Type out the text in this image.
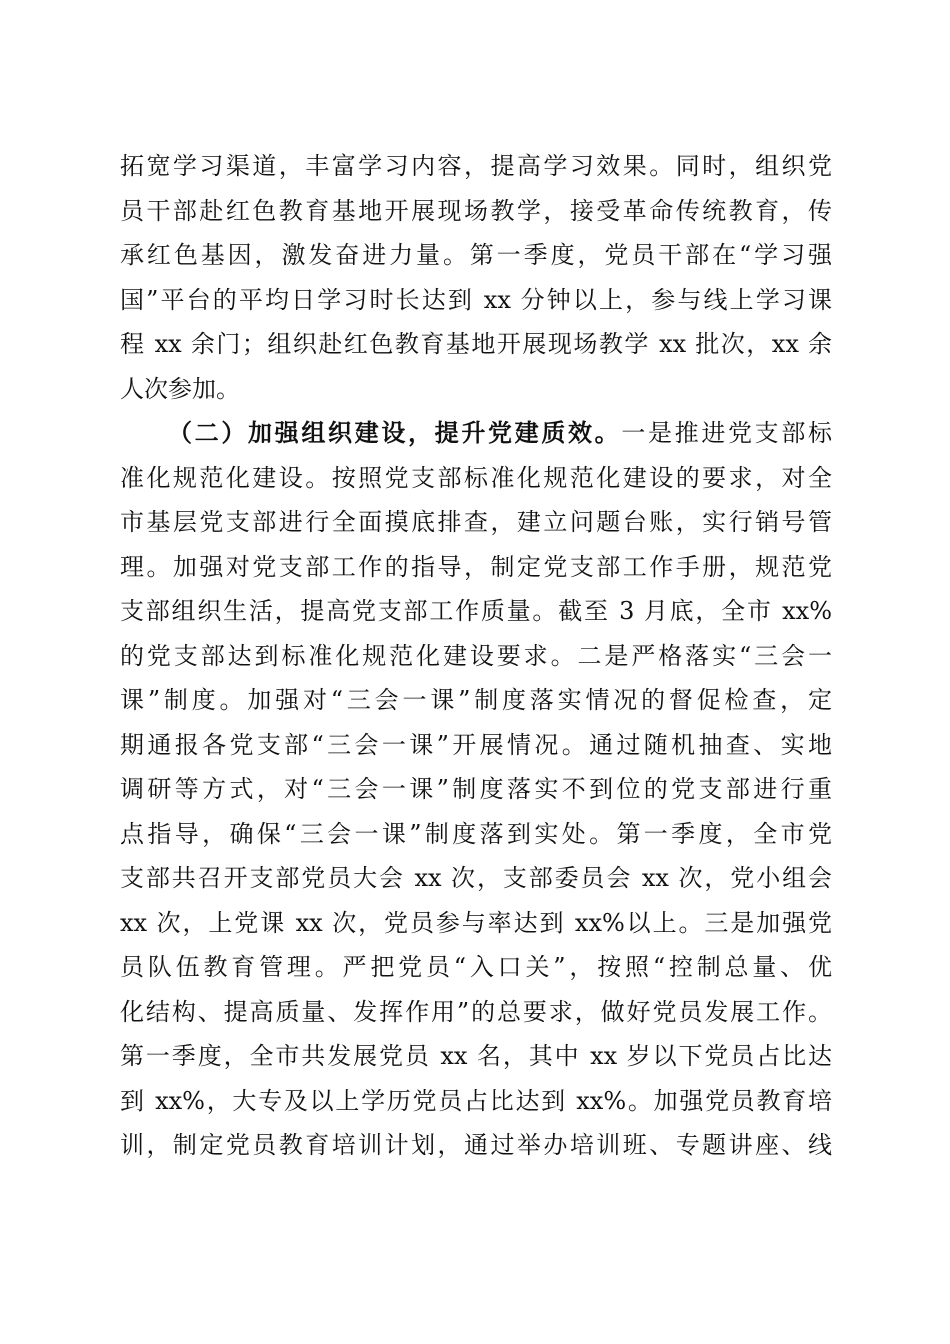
拓宽学习渠道，丰富学习内容，提高学习效果。同时，组织党
员干部赴红色教育基地开展现场教学，接受革命传统教育，传
承红色基因，激发奋进力量。第一季度，党员干部在“学习强
国”平台的平均日学习时长达到 xx 分钟以上，参与线上学习课
程 xx 余门；组织赴红色教育基地开展现场教学 xx 批次，xx 余
人次参加。
（二）加强组织建设，提升党建质效。一是推进党支部标
准化规范化建设。按照党支部标准化规范化建设的要求，对全
市基层党支部进行全面摸底排查，建立问题台账，实行销号管
理。加强对党支部工作的指导，制定党支部工作手册，规范党
支部组织生活，提高党支部工作质量。截至 3 月底，全市 xx%
的党支部达到标准化规范化建设要求。二是严格落实“三会一
课”制度。加强对“三会一课”制度落实情况的督促检查，定
期通报各党支部“三会一课”开展情况。通过随机抽查、实地
调研等方式，对“三会一课”制度落实不到位的党支部进行重
点指导，确保“三会一课”制度落到实处。第一季度，全市党
支部共召开支部党员大会 xx 次，支部委员会 xx 次，党小组会
xx 次，上党课 xx 次，党员参与率达到 xx%以上。三是加强党
员队伍教育管理。严把党员“入口关”，按照“控制总量、优
化结构、提高质量、发挥作用”的总要求，做好党员发展工作。
第一季度，全市共发展党员 xx 名，其中 xx 岁以下党员占比达
到 xx%，大专及以上学历党员占比达到 xx%。加强党员教育培
训，制定党员教育培训计划，通过举办培训班、专题讲座、线
